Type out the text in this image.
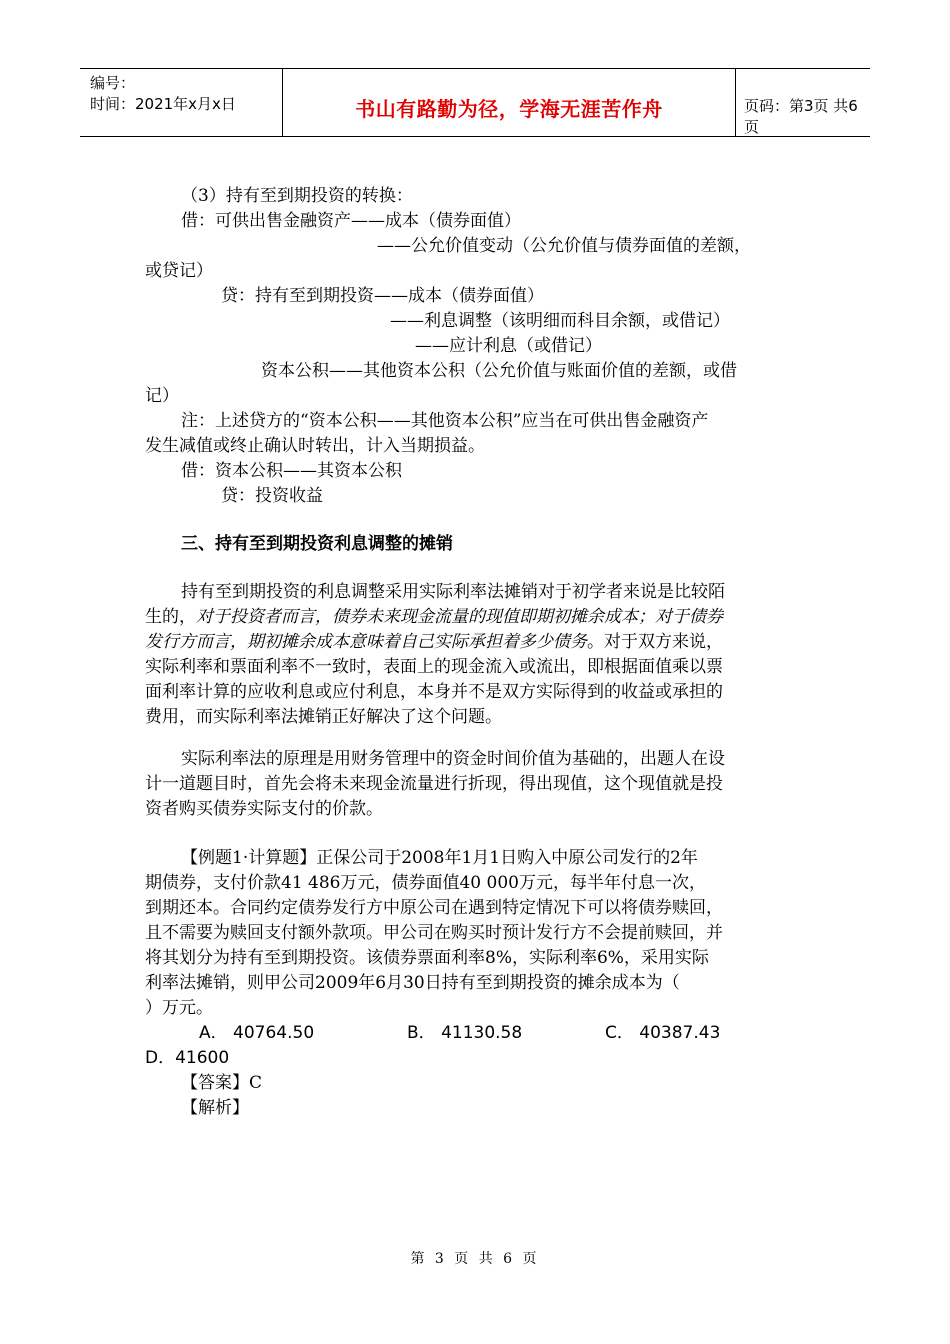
编号：
时间：2021年x月x日	书山有路勤为径，学海无涯苦作舟	页码：第3页 共6页
（3）持有至到期投资的转换：
借：可供出售金融资产——成本（债券面值）
——公允价值变动（公允价值与债券面值的差额，
或贷记）
贷：持有至到期投资——成本（债券面值）
——利息调整（该明细而科目余额，或借记）
——应计利息（或借记）
资本公积——其他资本公积（公允价值与账面价值的差额，或借
记）
注：上述贷方的“资本公积——其他资本公积”应当在可供出售金融资产
发生减值或终止确认时转出，计入当期损益。
借：资本公积——其资本公积
贷：投资收益
三、持有至到期投资利息调整的摊销
持有至到期投资的利息调整采用实际利率法摊销对于初学者来说是比较陌
生的，对于投资者而言，债券未来现金流量的现值即期初摊余成本；对于债券
发行方而言，期初摊余成本意味着自己实际承担着多少债务。对于双方来说，
实际利率和票面利率不一致时，表面上的现金流入或流出，即根据面值乘以票
面利率计算的应收利息或应付利息，本身并不是双方实际得到的收益或承担的
费用，而实际利率法摊销正好解决了这个问题。
实际利率法的原理是用财务管理中的资金时间价值为基础的，出题人在设
计一道题目时，首先会将未来现金流量进行折现，得出现值，这个现值就是投
资者购买债券实际支付的价款。
【例题1·计算题】正保公司于2008年1月1日购入中原公司发行的2年
期债券，支付价款41 486万元，债券面值40 000万元，每半年付息一次，
到期还本。合同约定债券发行方中原公司在遇到特定情况下可以将债券赎回，
且不需要为赎回支付额外款项。甲公司在购买时预计发行方不会提前赎回，并
将其划分为持有至到期投资。该债券票面利率8%，实际利率6%，采用实际
利率法摊销，则甲公司2009年6月30日持有至到期投资的摊余成本为（
）万元。
A． 40764.50	B． 41130.58	C． 40387.43
D．41600
【答案】C
【解析】
第 3 页 共 6 页
